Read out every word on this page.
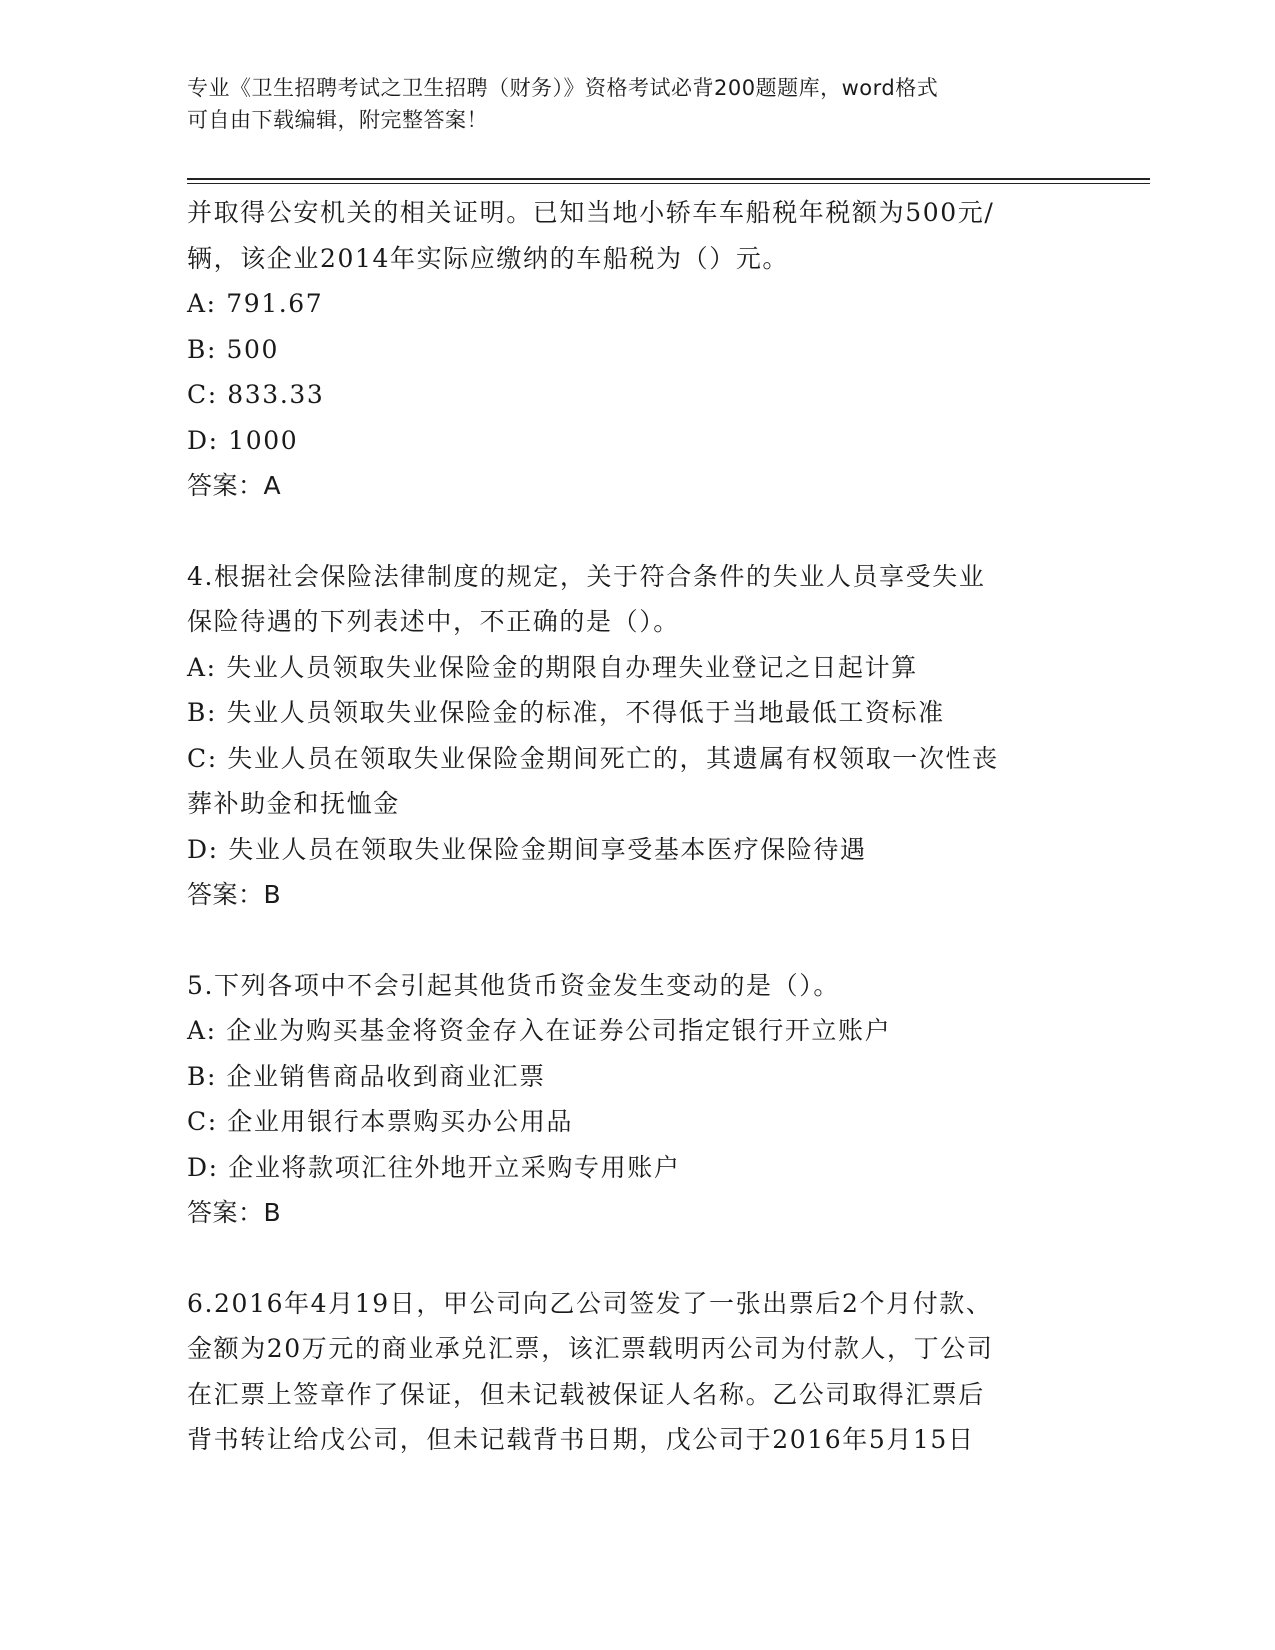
专业《卫生招聘考试之卫生招聘（财务）》资格考试必背200题题库，word格式
可自由下载编辑，附完整答案！
并取得公安机关的相关证明。已知当地小轿车车船税年税额为500元/
辆，该企业2014年实际应缴纳的车船税为（）元。
A: 791.67
B: 500
C: 833.33
D: 1000
答案：A
4.根据社会保险法律制度的规定，关于符合条件的失业人员享受失业
保险待遇的下列表述中，不正确的是（）。
A: 失业人员领取失业保险金的期限自办理失业登记之日起计算
B: 失业人员领取失业保险金的标准，不得低于当地最低工资标准
C: 失业人员在领取失业保险金期间死亡的，其遗属有权领取一次性丧
葬补助金和抚恤金
D: 失业人员在领取失业保险金期间享受基本医疗保险待遇
答案：B
5.下列各项中不会引起其他货币资金发生变动的是（）。
A: 企业为购买基金将资金存入在证券公司指定银行开立账户
B: 企业销售商品收到商业汇票
C: 企业用银行本票购买办公用品
D: 企业将款项汇往外地开立采购专用账户
答案：B
6.2016年4月19日，甲公司向乙公司签发了一张出票后2个月付款、
金额为20万元的商业承兑汇票，该汇票载明丙公司为付款人，丁公司
在汇票上签章作了保证，但未记载被保证人名称。乙公司取得汇票后
背书转让给戊公司，但未记载背书日期，戊公司于2016年5月15日
